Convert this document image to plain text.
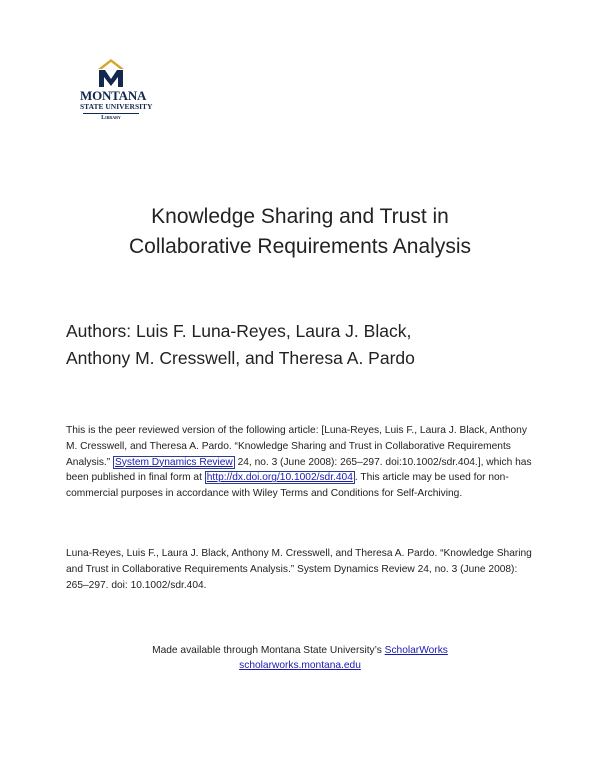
MONTANA
STATE UNIVERSITY
Library
Knowledge Sharing and Trust in
Collaborative Requirements Analysis

Authors: Luis F. Luna-Reyes, Laura J. Black,
Anthony M. Cresswell, and Theresa A. Pardo

This is the peer reviewed version of the following article: [Luna-Reyes, Luis F., Laura J. Black, Anthony M. Cresswell, and Theresa A. Pardo. “Knowledge Sharing and Trust in Collaborative Requirements Analysis.” System Dynamics Review 24, no. 3 (June 2008): 265–297. doi:10.1002/sdr.404.], which has been published in final form at http://dx.doi.org/10.1002/sdr.404 . This article may be used for non-commercial purposes in accordance with Wiley Terms and Conditions for Self-Archiving.

Luna-Reyes, Luis F., Laura J. Black, Anthony M. Cresswell, and Theresa A. Pardo. “Knowledge Sharing and Trust in Collaborative Requirements Analysis.” System Dynamics Review 24, no. 3 (June 2008): 265–297. doi: 10.1002/sdr.404.

Made available through Montana State University’s ScholarWorks
scholarworks.montana.edu
